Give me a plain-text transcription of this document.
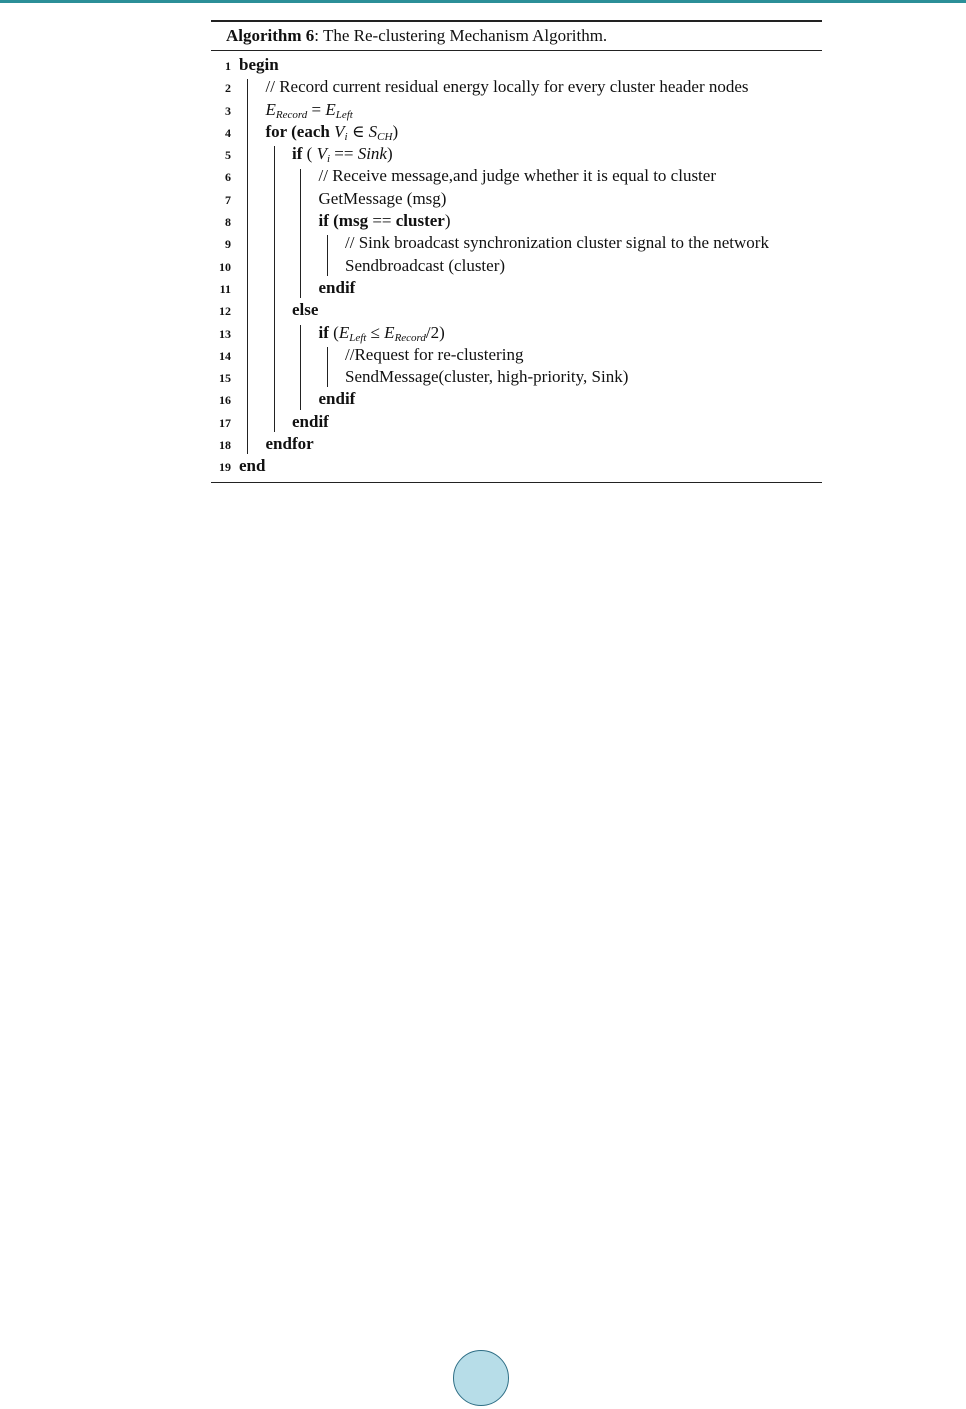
Algorithm 6: The Re-clustering Mechanism Algorithm.
1 begin
2 // Record current residual energy locally for every cluster header nodes
3 $E_{Record} = E_{Left}$
4 for (each $V_i$ ∈ $S_{CH}$)
5	if ( $V_i$ == Sink)
6	// Receive message,and judge whether it is equal to cluster
7	GetMessage (msg)
8	if (msg == cluster)
9	// Sink broadcast synchronization cluster signal to the network
10	Sendbroadcast (cluster)
11	endif
12	else
13	if $(E_{Left} \le E_{Record}/2)$
14	//Request for re-clustering
15	SendMessage(cluster, high-priority, Sink)
16	endif
17	endif
18 endfor
19 end
